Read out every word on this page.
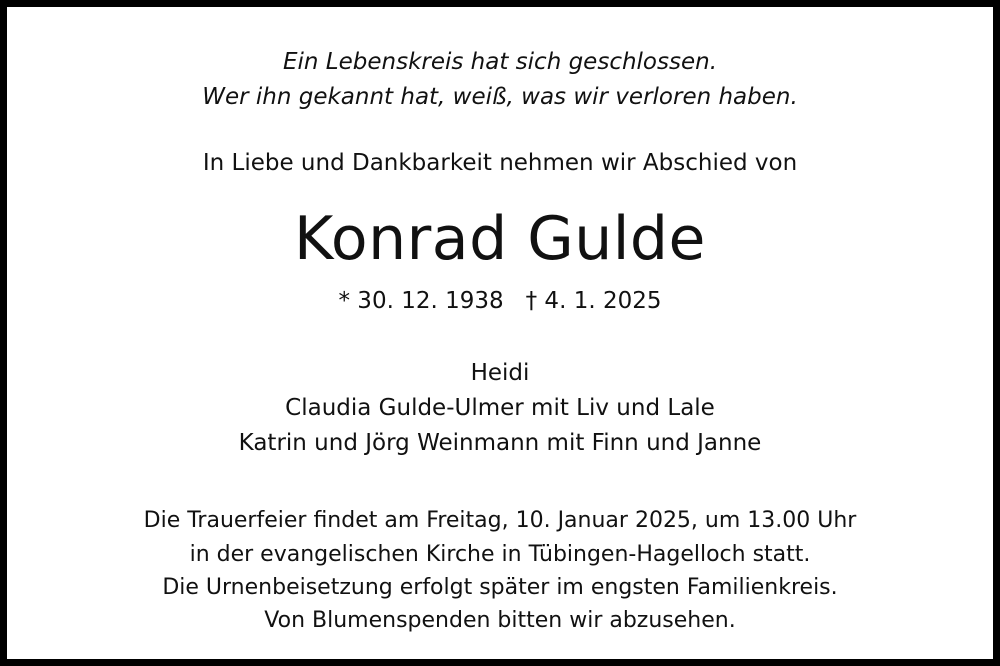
Ein Lebenskreis hat sich geschlossen.
Wer ihn gekannt hat, weiß, was wir verloren haben.
In Liebe und Dankbarkeit nehmen wir Abschied von
Konrad Gulde
* 30. 12. 1938 † 4. 1. 2025
Heidi
Claudia Gulde-Ulmer mit Liv und Lale
Katrin und Jörg Weinmann mit Finn und Janne
Die Trauerfeier findet am Freitag, 10. Januar 2025, um 13.00 Uhr
in der evangelischen Kirche in Tübingen-Hagelloch statt.
Die Urnenbeisetzung erfolgt später im engsten Familienkreis.
Von Blumenspenden bitten wir abzusehen.
